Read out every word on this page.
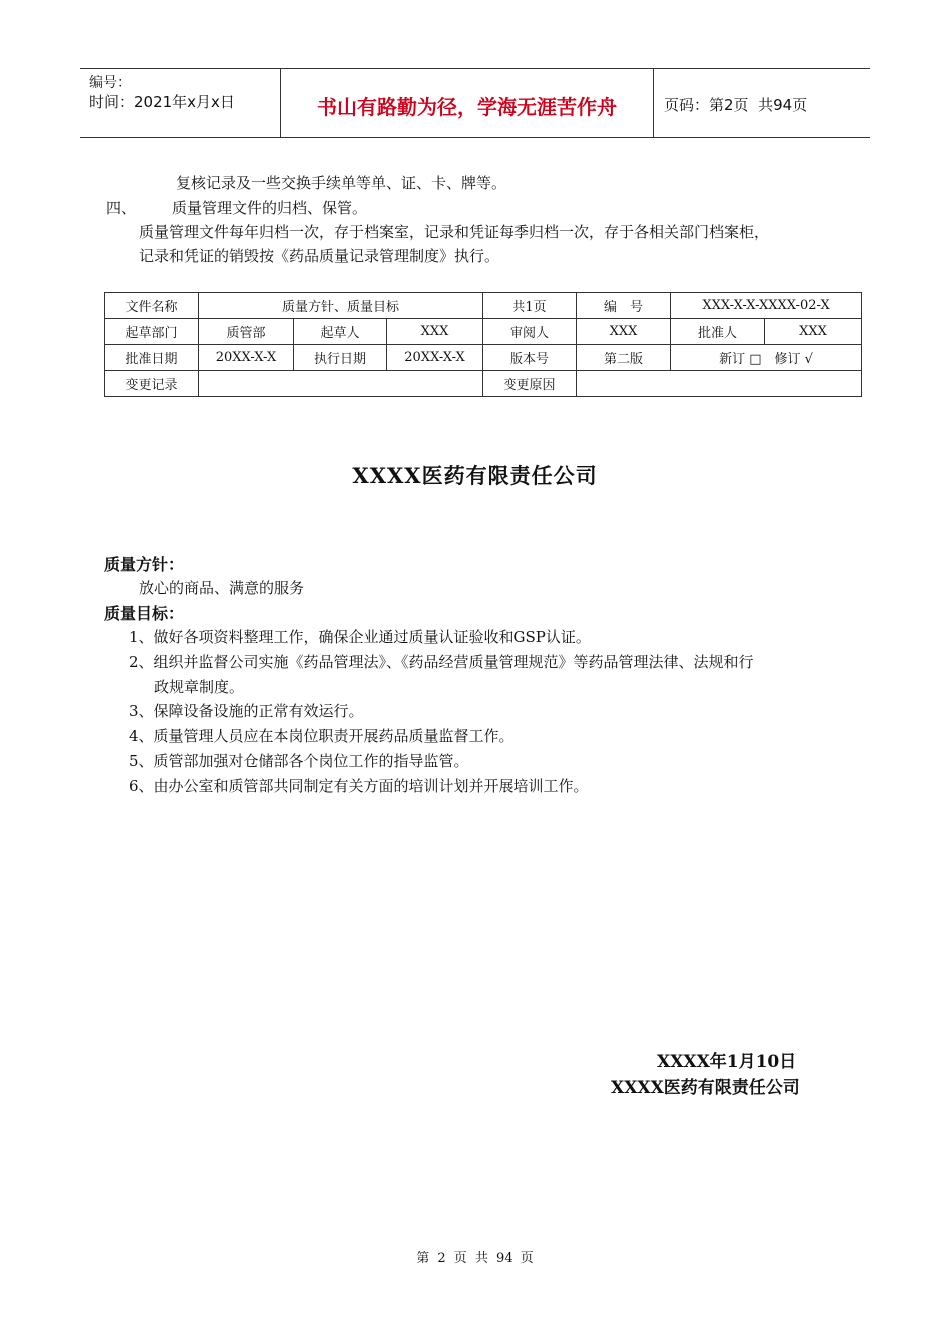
编号：
时间：2021年x月x日	书山有路勤为径，学海无涯苦作舟	页码：第2页  共94页
复核记录及一些交换手续单等单、证、卡、牌等。
四、 质量管理文件的归档、保管。
质量管理文件每年归档一次，存于档案室，记录和凭证每季归档一次，存于各相关部门档案柜，
记录和凭证的销毁按《药品质量记录管理制度》执行。
文件名称	质量方针、质量目标			共1页	编　号	XXX-X-X-XXXX-02-X	
起草部门	质管部	起草人	XXX	审阅人	XXX	批准人	XXX
批准日期	20XX-X-X	执行日期	20XX-X-X	版本号	第二版	新订 □　修订 √	
变更记录				变更原因			
XXXX医药有限责任公司
质量方针：
放心的商品、满意的服务
质量目标：
1、做好各项资料整理工作，确保企业通过质量认证验收和GSP认证。
2、组织并监督公司实施《药品管理法》、《药品经营质量管理规范》等药品管理法律、法规和行
政规章制度。
3、保障设备设施的正常有效运行。
4、质量管理人员应在本岗位职责开展药品质量监督工作。
5、质管部加强对仓储部各个岗位工作的指导监管。
6、由办公室和质管部共同制定有关方面的培训计划并开展培训工作。
XXXX年1月10日
XXXX医药有限责任公司
第 2 页 共 94 页
